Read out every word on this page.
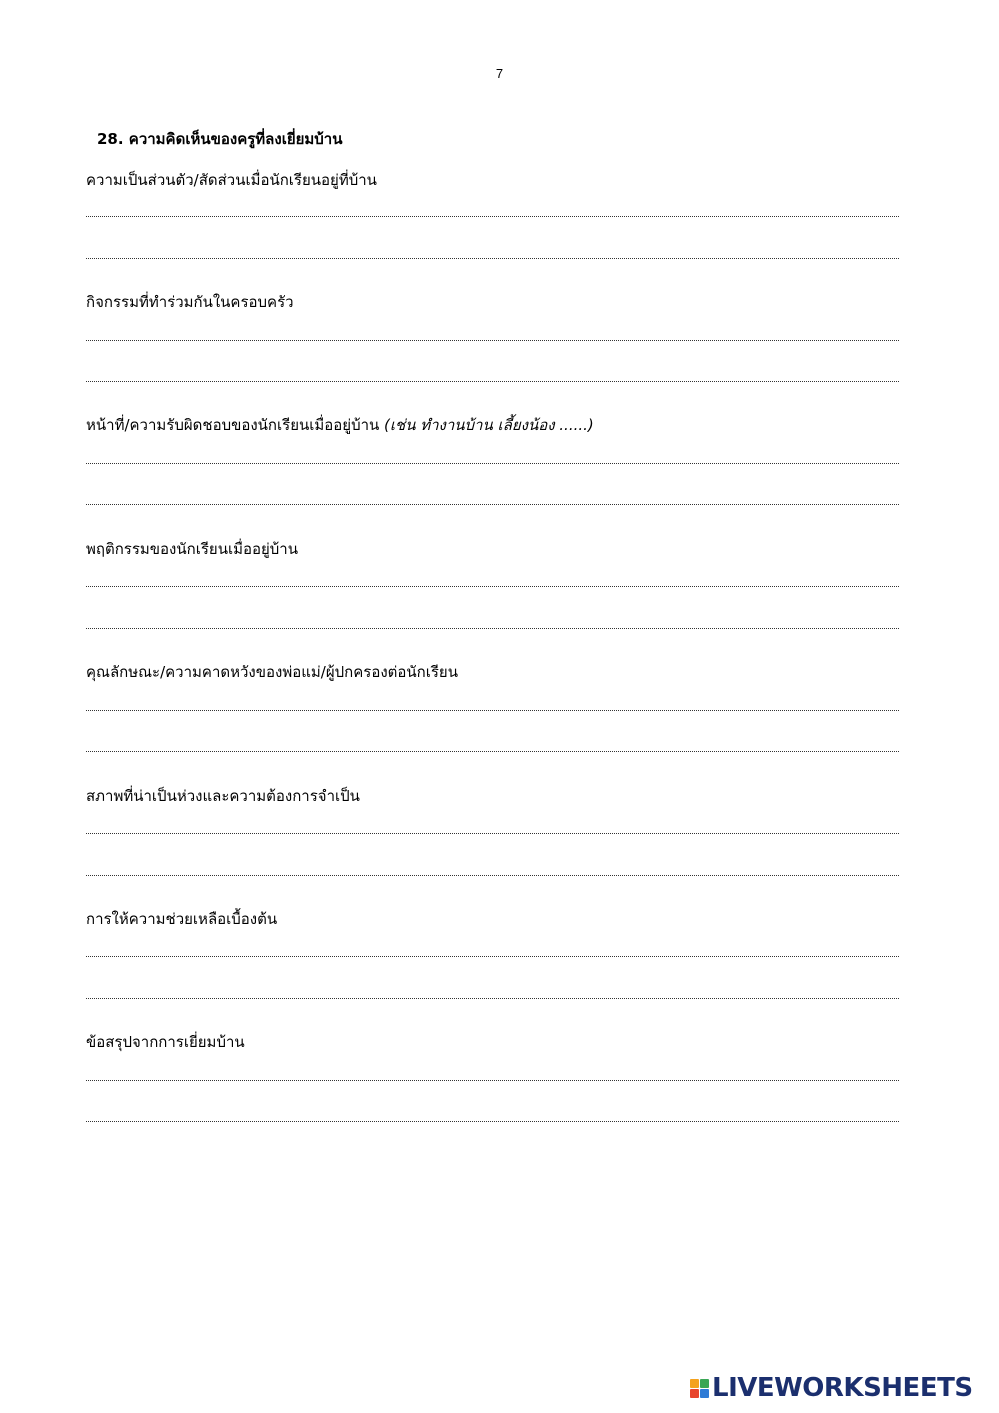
7
28. ความคิดเห็นของครูที่ลงเยี่ยมบ้าน
ความเป็นส่วนตัว/สัดส่วนเมื่อนักเรียนอยู่ที่บ้าน
กิจกรรมที่ทำร่วมกันในครอบครัว
หน้าที่/ความรับผิดชอบของนักเรียนเมื่ออยู่บ้าน (เช่น ทำงานบ้าน เลี้ยงน้อง ......)
พฤติกรรมของนักเรียนเมื่ออยู่บ้าน
คุณลักษณะ/ความคาดหวังของพ่อแม่/ผู้ปกครองต่อนักเรียน
สภาพที่น่าเป็นห่วงและความต้องการจำเป็น
การให้ความช่วยเหลือเบื้องต้น
ข้อสรุปจากการเยี่ยมบ้าน
LIVEWORKSHEETS
